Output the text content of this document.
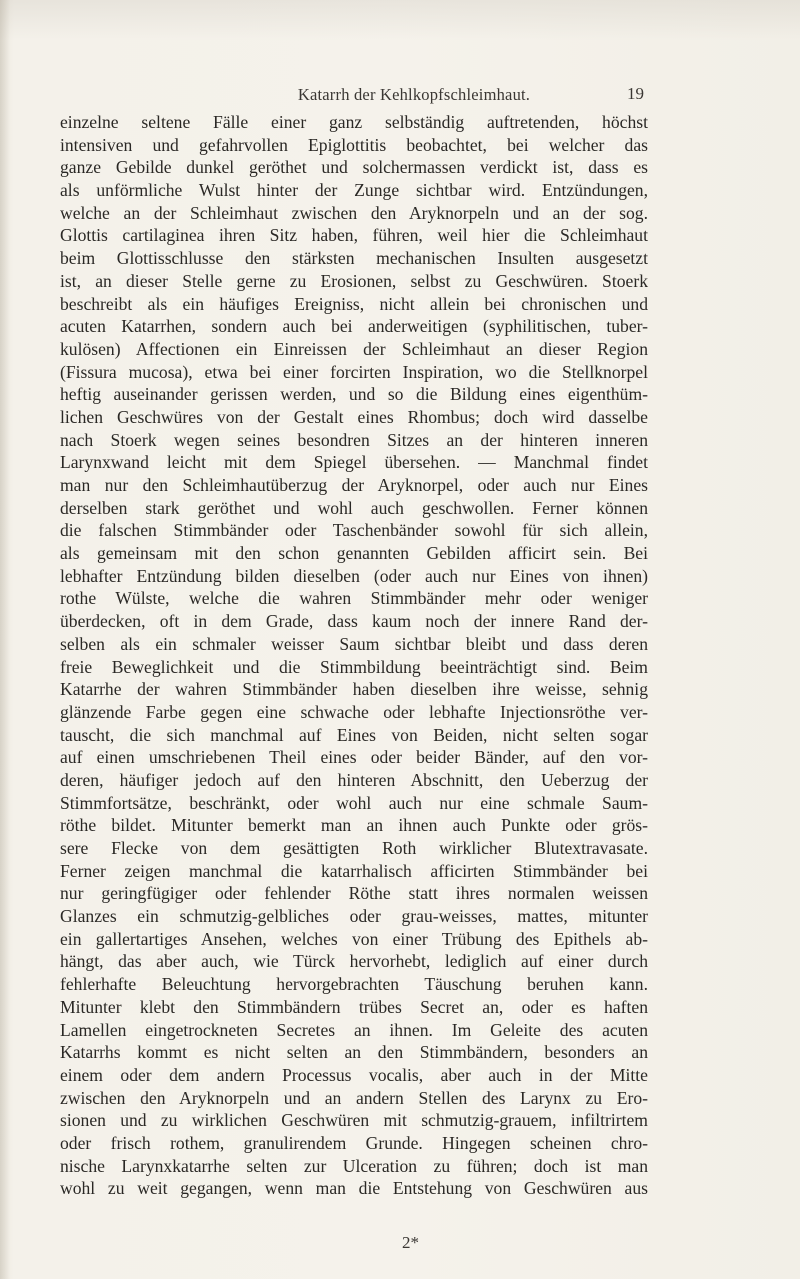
Katarrh der Kehlkopfschleimhaut.	19
einzelne seltene Fälle einer ganz selbständig auftretenden, höchst
intensiven und gefahrvollen Epiglottitis beobachtet, bei welcher das
ganze Gebilde dunkel geröthet und solchermassen verdickt ist, dass es
als unförmliche Wulst hinter der Zunge sichtbar wird. Entzündungen,
welche an der Schleimhaut zwischen den Aryknorpeln und an der sog.
Glottis cartilaginea ihren Sitz haben, führen, weil hier die Schleimhaut
beim Glottisschlusse den stärksten mechanischen Insulten ausgesetzt
ist, an dieser Stelle gerne zu Erosionen, selbst zu Geschwüren. Stoerk
beschreibt als ein häufiges Ereigniss, nicht allein bei chronischen und
acuten Katarrhen, sondern auch bei anderweitigen (syphilitischen, tuber-
kulösen) Affectionen ein Einreissen der Schleimhaut an dieser Region
(Fissura mucosa), etwa bei einer forcirten Inspiration, wo die Stellknorpel
heftig auseinander gerissen werden, und so die Bildung eines eigenthüm-
lichen Geschwüres von der Gestalt eines Rhombus; doch wird dasselbe
nach Stoerk wegen seines besondren Sitzes an der hinteren inneren
Larynxwand leicht mit dem Spiegel übersehen. — Manchmal findet
man nur den Schleimhautüberzug der Aryknorpel, oder auch nur Eines
derselben stark geröthet und wohl auch geschwollen. Ferner können
die falschen Stimmbänder oder Taschenbänder sowohl für sich allein,
als gemeinsam mit den schon genannten Gebilden afficirt sein. Bei
lebhafter Entzündung bilden dieselben (oder auch nur Eines von ihnen)
rothe Wülste, welche die wahren Stimmbänder mehr oder weniger
überdecken, oft in dem Grade, dass kaum noch der innere Rand der-
selben als ein schmaler weisser Saum sichtbar bleibt und dass deren
freie Beweglichkeit und die Stimmbildung beeinträchtigt sind. Beim
Katarrhe der wahren Stimmbänder haben dieselben ihre weisse, sehnig
glänzende Farbe gegen eine schwache oder lebhafte Injectionsröthe ver-
tauscht, die sich manchmal auf Eines von Beiden, nicht selten sogar
auf einen umschriebenen Theil eines oder beider Bänder, auf den vor-
deren, häufiger jedoch auf den hinteren Abschnitt, den Ueberzug der
Stimmfortsätze, beschränkt, oder wohl auch nur eine schmale Saum-
röthe bildet. Mitunter bemerkt man an ihnen auch Punkte oder grös-
sere Flecke von dem gesättigten Roth wirklicher Blutextravasate.
Ferner zeigen manchmal die katarrhalisch afficirten Stimmbänder bei
nur geringfügiger oder fehlender Röthe statt ihres normalen weissen
Glanzes ein schmutzig-gelbliches oder grau-weisses, mattes, mitunter
ein gallertartiges Ansehen, welches von einer Trübung des Epithels ab-
hängt, das aber auch, wie Türck hervorhebt, lediglich auf einer durch
fehlerhafte Beleuchtung hervorgebrachten Täuschung beruhen kann.
Mitunter klebt den Stimmbändern trübes Secret an, oder es haften
Lamellen eingetrockneten Secretes an ihnen. Im Geleite des acuten
Katarrhs kommt es nicht selten an den Stimmbändern, besonders an
einem oder dem andern Processus vocalis, aber auch in der Mitte
zwischen den Aryknorpeln und an andern Stellen des Larynx zu Ero-
sionen und zu wirklichen Geschwüren mit schmutzig-grauem, infiltrirtem
oder frisch rothem, granulirendem Grunde. Hingegen scheinen chro-
nische Larynxkatarrhe selten zur Ulceration zu führen; doch ist man
wohl zu weit gegangen, wenn man die Entstehung von Geschwüren aus
2*
